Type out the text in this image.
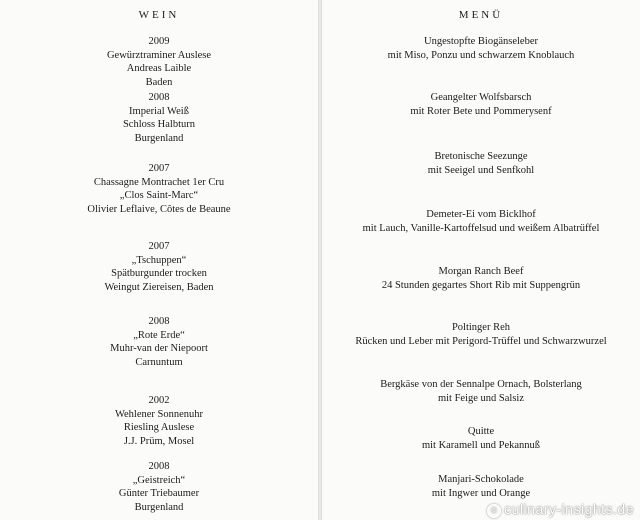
WEIN
2009
Gewürztraminer Auslese
Andreas Laible
Baden
2008
Imperial Weiß
Schloss Halbturn
Burgenland
2007
Chassagne Montrachet 1er Cru
„Clos Saint-Marc“
Olivier Leflaive, Côtes de Beaune
2007
„Tschuppen“
Spätburgunder trocken
Weingut Ziereisen, Baden
2008
„Rote Erde“
Muhr-van der Niepoort
Carnuntum
2002
Wehlener Sonnenuhr
Riesling Auslese
J.J. Prüm, Mosel
2008
„Geistreich“
Günter Triebaumer
Burgenland
MENÜ
Ungestopfte Biogänseleber
mit Miso, Ponzu und schwarzem Knoblauch
Geangelter Wolfsbarsch
mit Roter Bete und Pommerysenf
Bretonische Seezunge
mit Seeigel und Senfkohl
Demeter-Ei vom Bicklhof
mit Lauch, Vanille-Kartoffelsud und weißem Albatrüffel
Morgan Ranch Beef
24 Stunden gegartes Short Rib mit Suppengrün
Poltinger Reh
Rücken und Leber mit Perigord-Trüffel und Schwarzwurzel
Bergkäse von der Sennalpe Ornach, Bolsterlang
mit Feige und Salsiz
Quitte
mit Karamell und Pekannuß
Manjari-Schokolade
mit Ingwer und Orange
© culinary-insights.de
